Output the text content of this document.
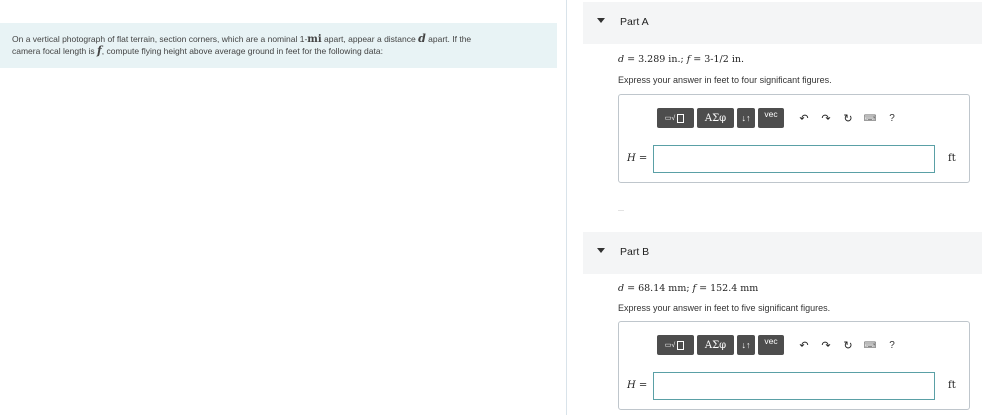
On a vertical photograph of flat terrain, section corners, which are a nominal 1-mi apart, appear a distance d apart. If the
camera focal length is f, compute flying height above average ground in feet for the following data:
Part A
d = 3.289 in.; f = 3-1/2 in.
Express your answer in feet to four significant figures.
▭√	ΑΣφ	↓↑	vec	↶	↷	↻	⌨	?
H =	ft
Part B
d = 68.14 mm; f = 152.4 mm
Express your answer in feet to five significant figures.
▭√	ΑΣφ	↓↑	vec	↶	↷	↻	⌨	?
H =	ft
